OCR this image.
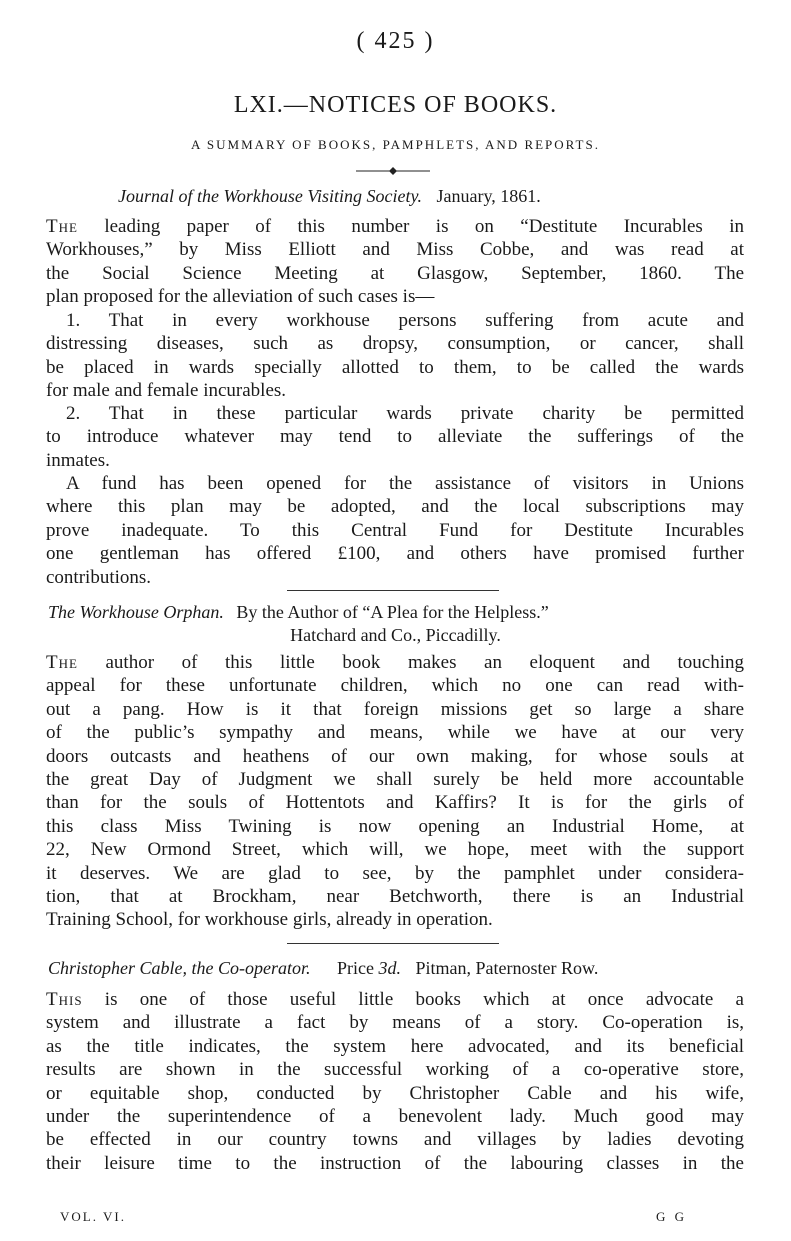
( 425 )
LXI.—NOTICES OF BOOKS.
A SUMMARY OF BOOKS, PAMPHLETS, AND REPORTS.
Journal of the Workhouse Visiting Society. January, 1861.
The leading paper of this number is on “Destitute Incurables in
Workhouses,” by Miss Elliott and Miss Cobbe, and was read at
the Social Science Meeting at Glasgow, September, 1860. The
plan proposed for the alleviation of such cases is—
1. That in every workhouse persons suffering from acute and
distressing diseases, such as dropsy, consumption, or cancer, shall
be placed in wards specially allotted to them, to be called the wards
for male and female incurables.
2. That in these particular wards private charity be permitted
to introduce whatever may tend to alleviate the sufferings of the
inmates.
A fund has been opened for the assistance of visitors in Unions
where this plan may be adopted, and the local subscriptions may
prove inadequate. To this Central Fund for Destitute Incurables
one gentleman has offered £100, and others have promised further
contributions.
The Workhouse Orphan. By the Author of “A Plea for the Helpless.”
Hatchard and Co., Piccadilly.
The author of this little book makes an eloquent and touching
appeal for these unfortunate children, which no one can read with-
out a pang. How is it that foreign missions get so large a share
of the public’s sympathy and means, while we have at our very
doors outcasts and heathens of our own making, for whose souls at
the great Day of Judgment we shall surely be held more accountable
than for the souls of Hottentots and Kaffirs? It is for the girls of
this class Miss Twining is now opening an Industrial Home, at
22, New Ormond Street, which will, we hope, meet with the support
it deserves. We are glad to see, by the pamphlet under considera-
tion, that at Brockham, near Betchworth, there is an Industrial
Training School, for workhouse girls, already in operation.
Christopher Cable, the Co-operator. Price 3d. Pitman, Paternoster Row.
This is one of those useful little books which at once advocate a
system and illustrate a fact by means of a story. Co-operation is,
as the title indicates, the system here advocated, and its beneficial
results are shown in the successful working of a co-operative store,
or equitable shop, conducted by Christopher Cable and his wife,
under the superintendence of a benevolent lady. Much good may
be effected in our country towns and villages by ladies devoting
their leisure time to the instruction of the labouring classes in the
VOL. VI.	G G
